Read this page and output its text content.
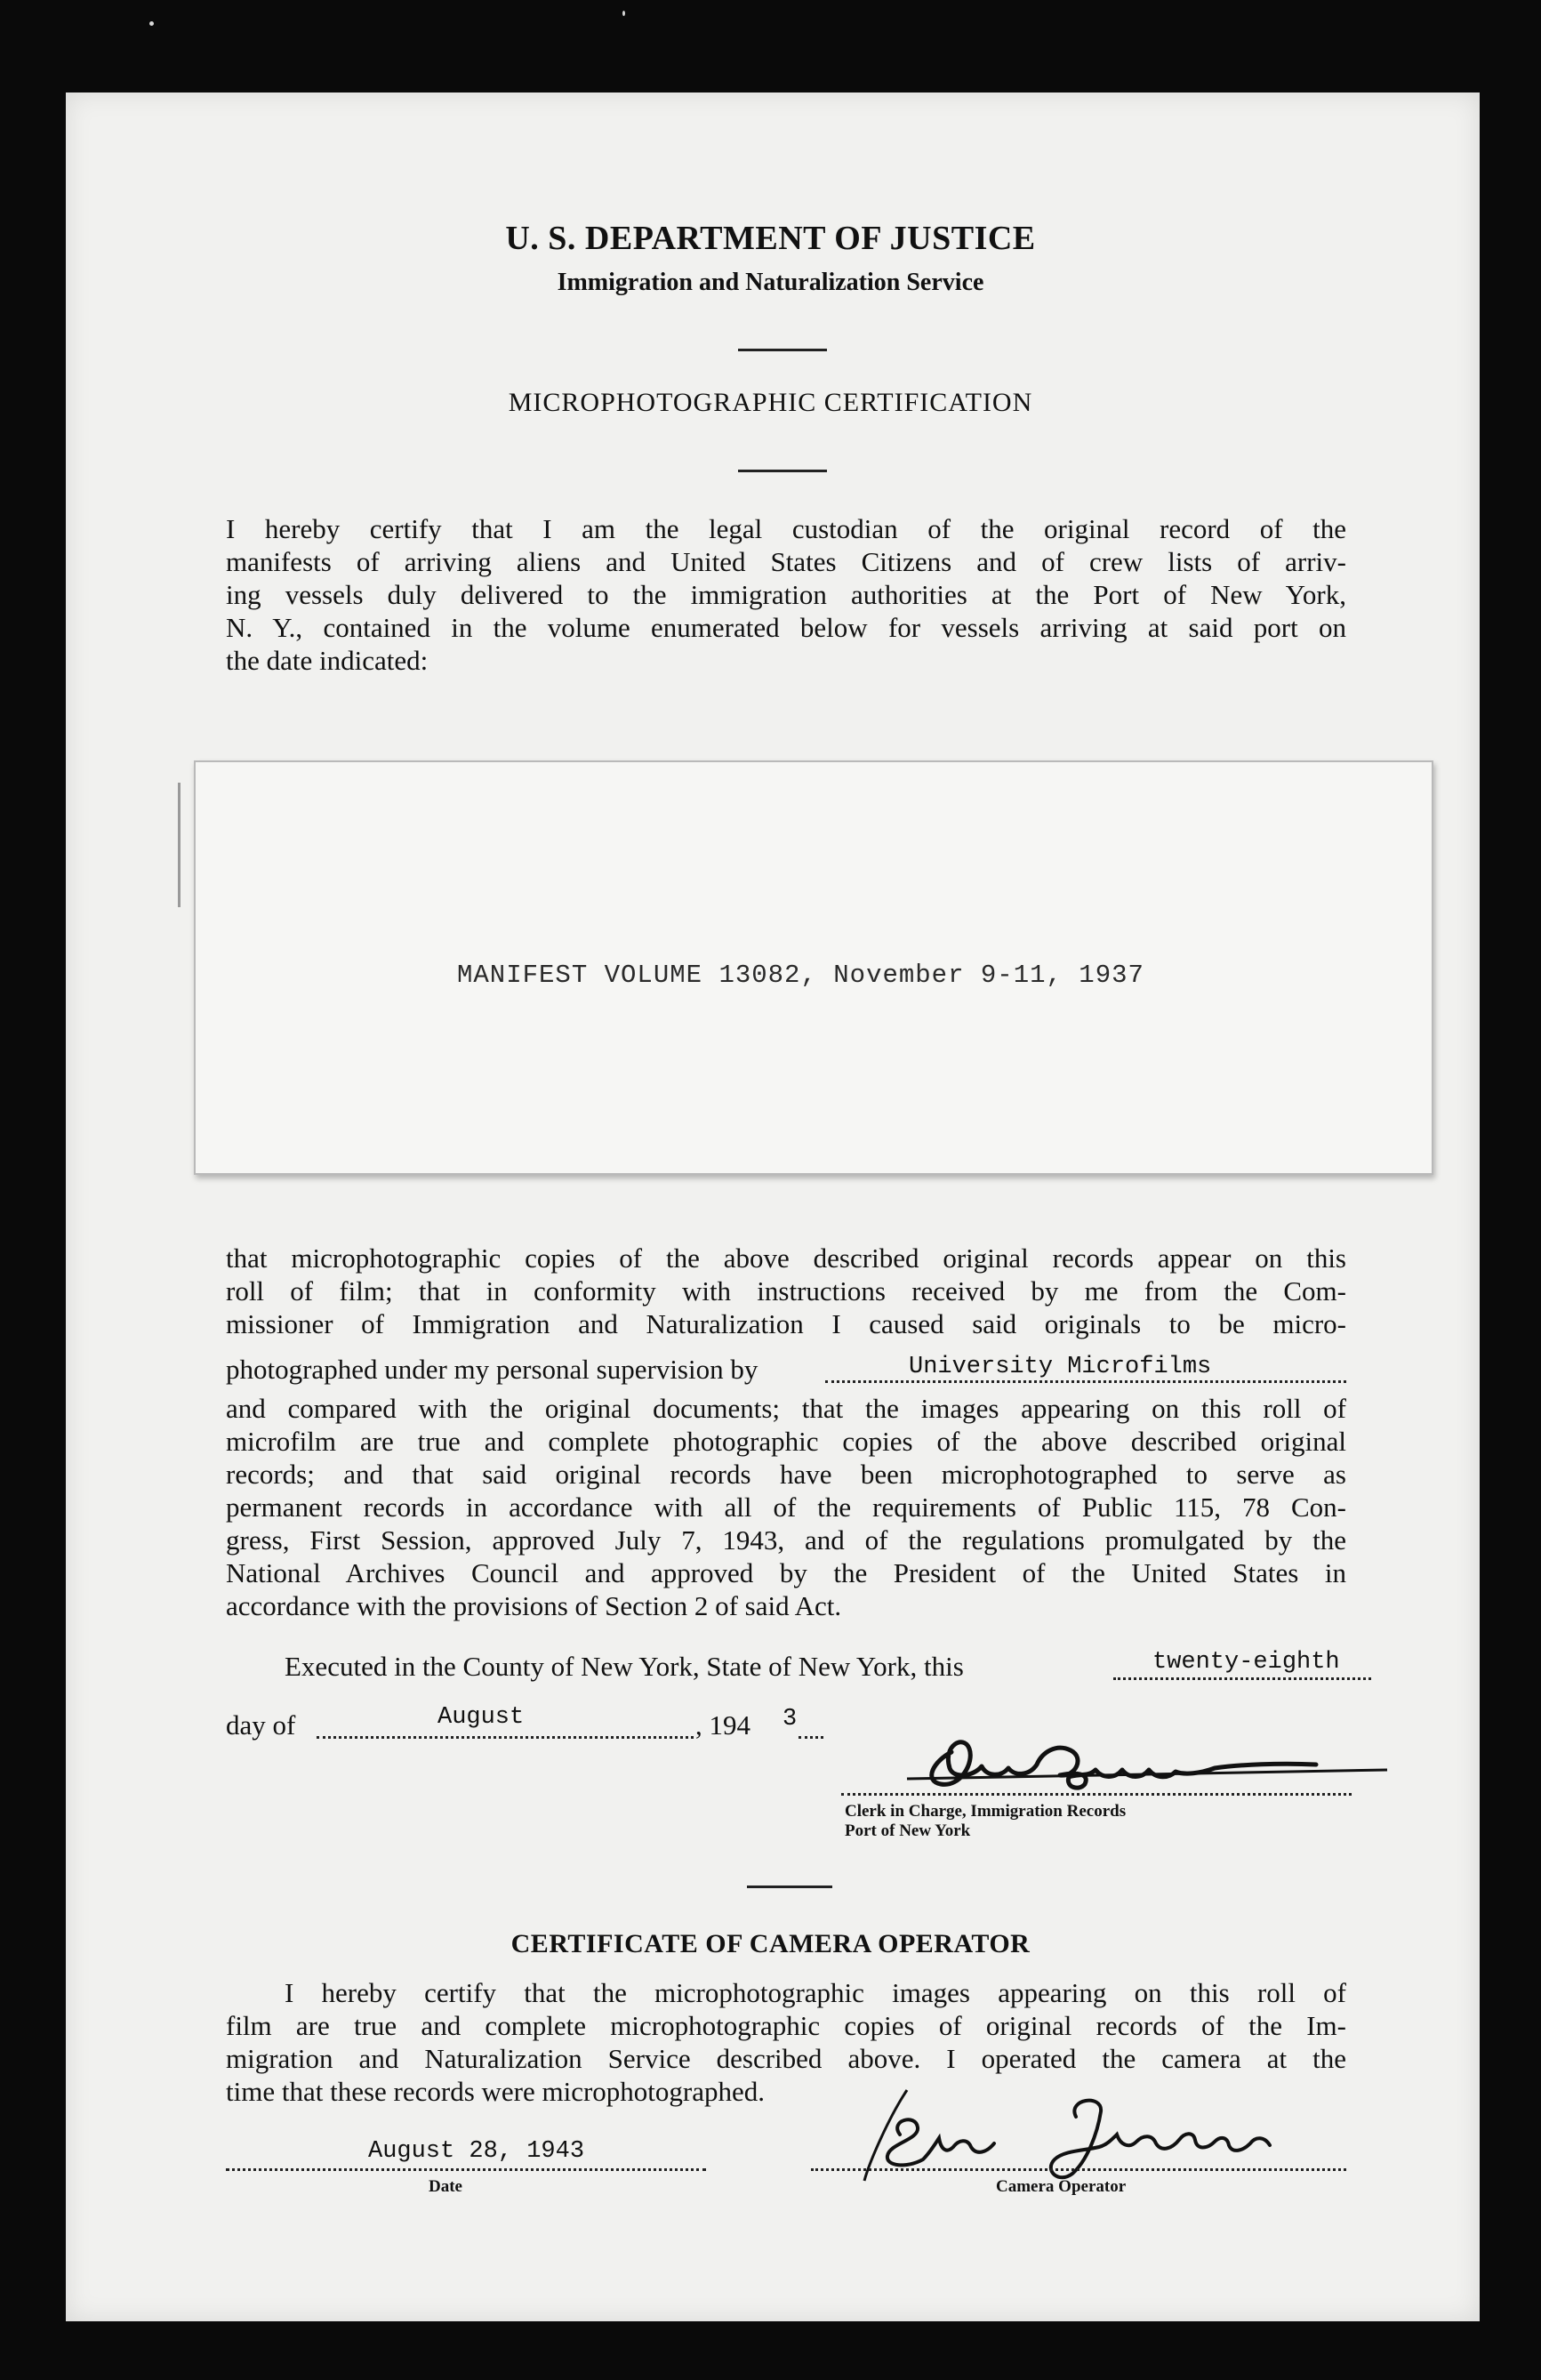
U. S. DEPARTMENT OF JUSTICE
Immigration and Naturalization Service
MICROPHOTOGRAPHIC CERTIFICATION
I hereby certify that I am the legal custodian of the original record of the
manifests of arriving aliens and United States Citizens and of crew lists of arriv-
ing vessels duly delivered to the immigration authorities at the Port of New York,
N. Y., contained in the volume enumerated below for vessels arriving at said port on
the date indicated:
MANIFEST VOLUME 13082, November 9-11, 1937
that microphotographic copies of the above described original records appear on this
roll of film; that in conformity with instructions received by me from the Com-
missioner of Immigration and Naturalization I caused said originals to be micro-
photographed under my personal supervision by	University Microfilms
and compared with the original documents; that the images appearing on this roll of
microfilm are true and complete photographic copies of the above described original
records; and that said original records have been microphotographed to serve as
permanent records in accordance with all of the requirements of Public 115, 78 Con-
gress, First Session, approved July 7, 1943, and of the regulations promulgated by the
National Archives Council and approved by the President of the United States in
accordance with the provisions of Section 2 of said Act.
Executed in the County of New York, State of New York, this	twenty-eighth
day of	August	, 194 3
Clerk in Charge, Immigration Records
Port of New York
CERTIFICATE OF CAMERA OPERATOR
I hereby certify that the microphotographic images appearing on this roll of
film are true and complete microphotographic copies of original records of the Im-
migration and Naturalization Service described above. I operated the camera at the
time that these records were microphotographed.
August 28, 1943
Date	Camera Operator
